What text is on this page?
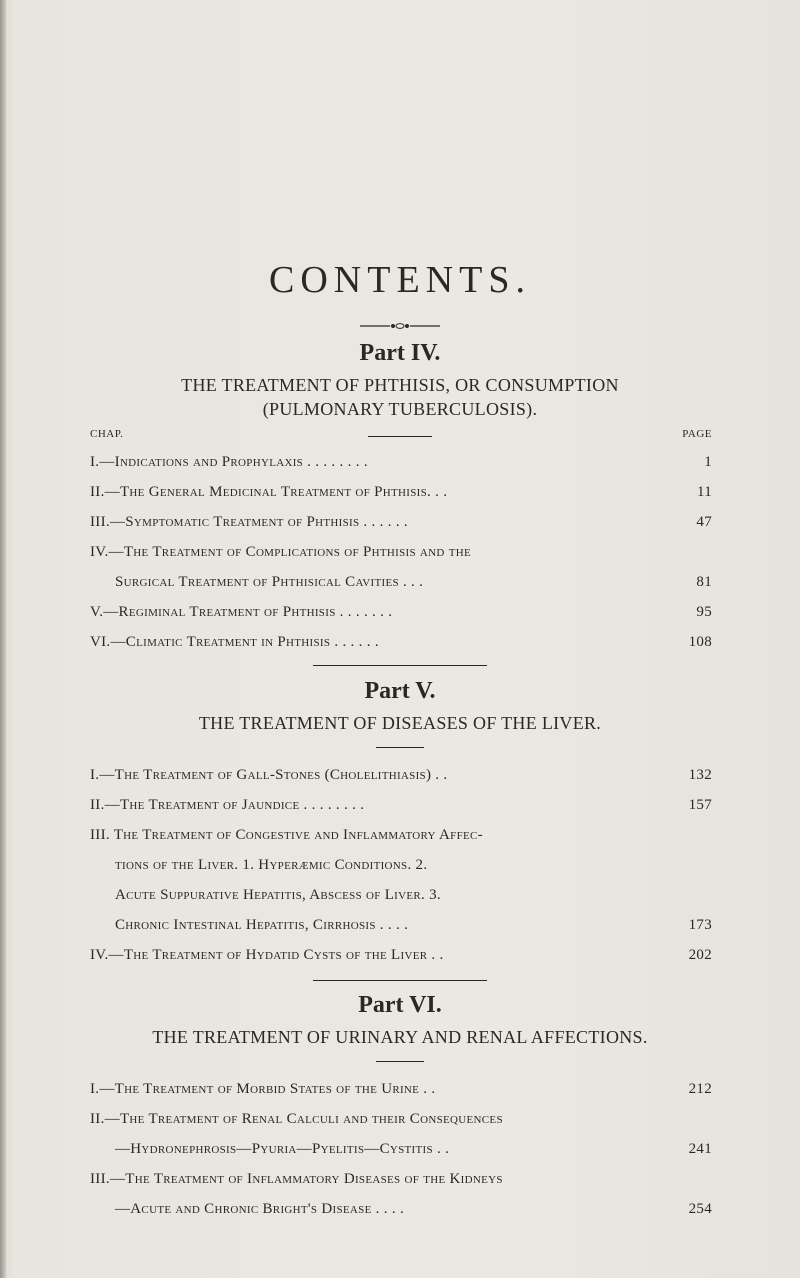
CONTENTS.
Part IV.
THE TREATMENT OF PHTHISIS, OR CONSUMPTION
(PULMONARY TUBERCULOSIS).
CHAP.	PAGE
I.—Indications and Prophylaxis . . . . . . . .	1
II.—The General Medicinal Treatment of Phthisis. . .	11
III.—Symptomatic Treatment of Phthisis . . . . . .	47
IV.—The Treatment of Complications of Phthisis and the
Surgical Treatment of Phthisical Cavities . . .	81
V.—Regiminal Treatment of Phthisis . . . . . . .	95
VI.—Climatic Treatment in Phthisis . . . . . .	108
Part V.
THE TREATMENT OF DISEASES OF THE LIVER.
I.—The Treatment of Gall-Stones (Cholelithiasis) . .	132
II.—The Treatment of Jaundice . . . . . . . .	157
III. The Treatment of Congestive and Inflammatory Affec-
tions of the Liver. 1. Hyperæmic Conditions. 2.
Acute Suppurative Hepatitis, Abscess of Liver. 3.
Chronic Intestinal Hepatitis, Cirrhosis . . . .	173
IV.—The Treatment of Hydatid Cysts of the Liver . .	202
Part VI.
THE TREATMENT OF URINARY AND RENAL AFFECTIONS.
I.—The Treatment of Morbid States of the Urine . .	212
II.—The Treatment of Renal Calculi and their Consequences
—Hydronephrosis—Pyuria—Pyelitis—Cystitis . .	241
III.—The Treatment of Inflammatory Diseases of the Kidneys
—Acute and Chronic Bright's Disease . . . .	254
